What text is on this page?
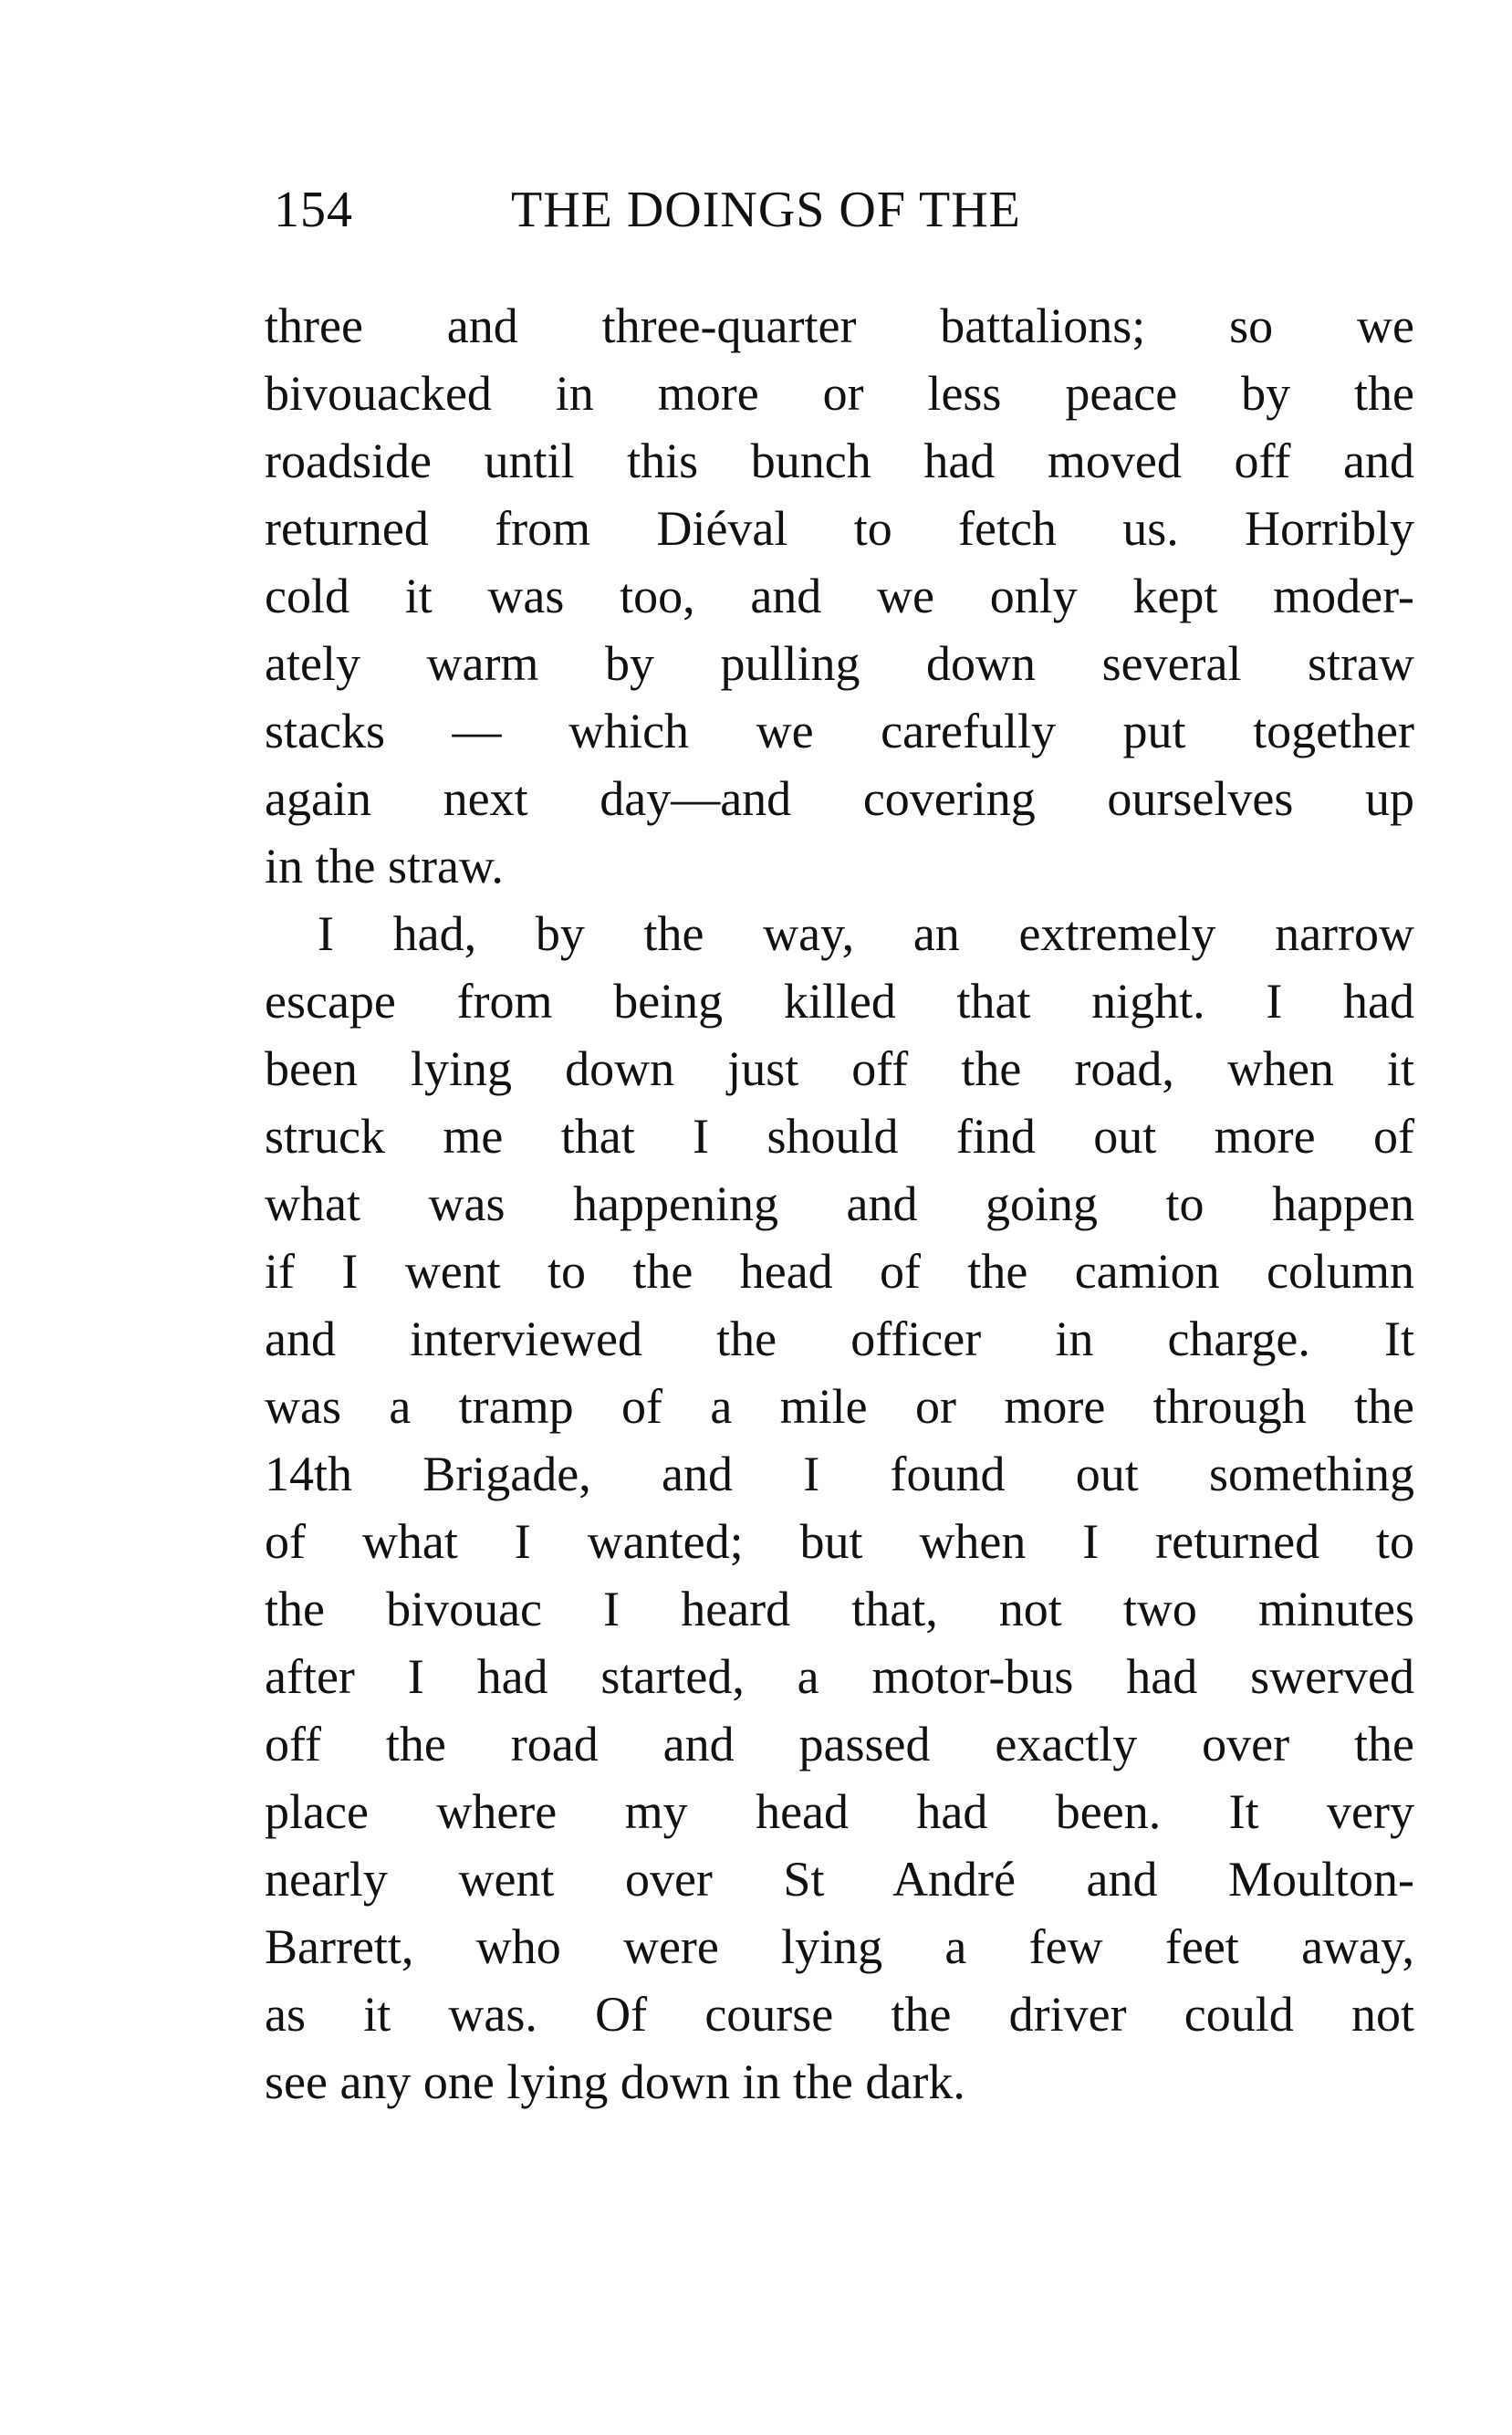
154	THE DOINGS OF THE
three and three-quarter battalions; so we
bivouacked in more or less peace by the
roadside until this bunch had moved off and
returned from Diéval to fetch us. Horribly
cold it was too, and we only kept moder-
ately warm by pulling down several straw
stacks — which we carefully put together
again next day—and covering ourselves up
in the straw.
I had, by the way, an extremely narrow
escape from being killed that night. I had
been lying down just off the road, when it
struck me that I should find out more of
what was happening and going to happen
if I went to the head of the camion column
and interviewed the officer in charge. It
was a tramp of a mile or more through the
14th Brigade, and I found out something
of what I wanted; but when I returned to
the bivouac I heard that, not two minutes
after I had started, a motor-bus had swerved
off the road and passed exactly over the
place where my head had been. It very
nearly went over St André and Moulton-
Barrett, who were lying a few feet away,
as it was. Of course the driver could not
see any one lying down in the dark.
